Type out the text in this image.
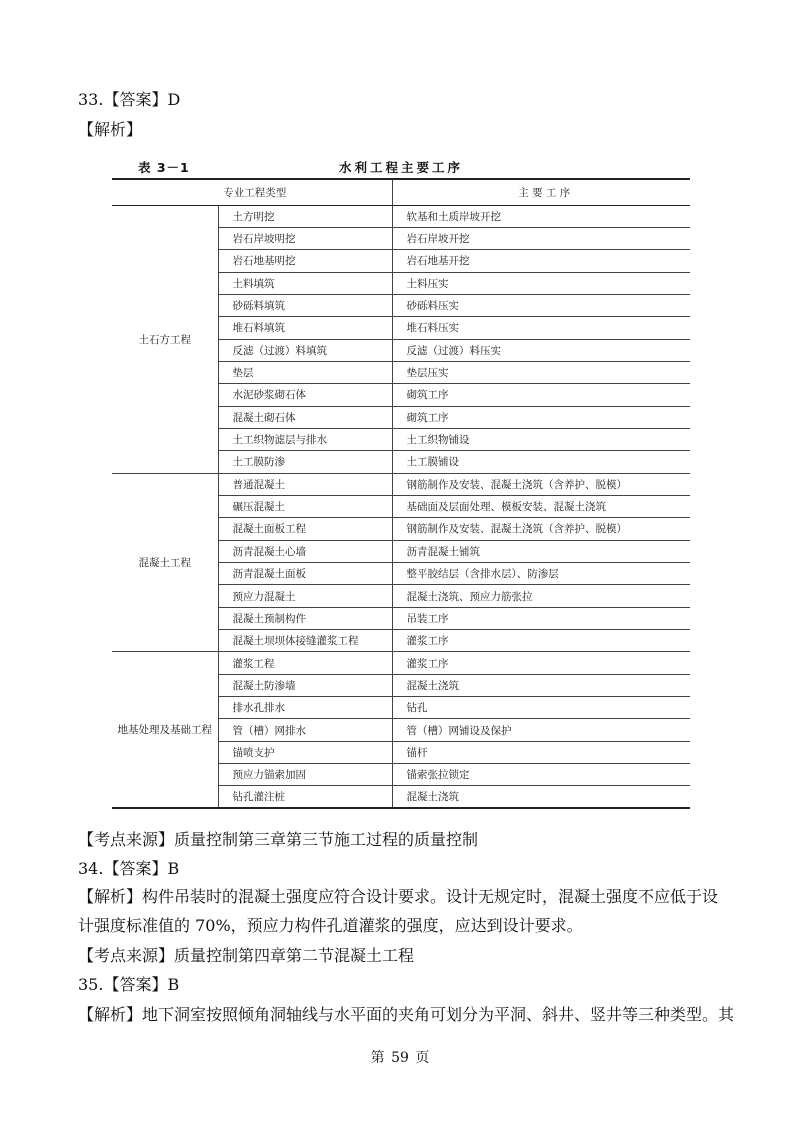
33.【答案】D
【解析】
表 3－1	水利工程主要工序
专业工程类型		主 要 工 序
土石方工程	土方明挖	软基和土质岸坡开挖
	岩石岸坡明挖	岩石岸坡开挖
	岩石地基明挖	岩石地基开挖
	土料填筑	土料压实
	砂砾料填筑	砂砾料压实
	堆石料填筑	堆石料压实
	反滤（过渡）料填筑	反滤（过渡）料压实
	垫层	垫层压实
	水泥砂浆砌石体	砌筑工序
	混凝土砌石体	砌筑工序
	土工织物滤层与排水	土工织物铺设
	土工膜防渗	土工膜铺设
混凝土工程	普通混凝土	钢筋制作及安装、混凝土浇筑（含养护、脱模）
	碾压混凝土	基础面及层面处理、模板安装、混凝土浇筑
	混凝土面板工程	钢筋制作及安装、混凝土浇筑（含养护、脱模）
	沥青混凝土心墙	沥青混凝土铺筑
	沥青混凝土面板	整平胶结层（含排水层）、防渗层
	预应力混凝土	混凝土浇筑、预应力筋张拉
	混凝土预制构件	吊装工序
	混凝土坝坝体接缝灌浆工程	灌浆工序
地基处理及基础工程	灌浆工程	灌浆工序
	混凝土防渗墙	混凝土浇筑
	排水孔排水	钻孔
	管（槽）网排水	管（槽）网铺设及保护
	锚喷支护	锚杆
	预应力锚索加固	锚索张拉锁定
	钻孔灌注桩	混凝土浇筑
【考点来源】质量控制第三章第三节施工过程的质量控制
34.【答案】B
【解析】构件吊装时的混凝土强度应符合设计要求。设计无规定时，混凝土强度不应低于设计强度标准值的 70%，预应力构件孔道灌浆的强度，应达到设计要求。
【考点来源】质量控制第四章第二节混凝土工程
35.【答案】B
【解析】地下洞室按照倾角洞轴线与水平面的夹角可划分为平洞、斜井、竖井等三种类型。其
第 59 页
